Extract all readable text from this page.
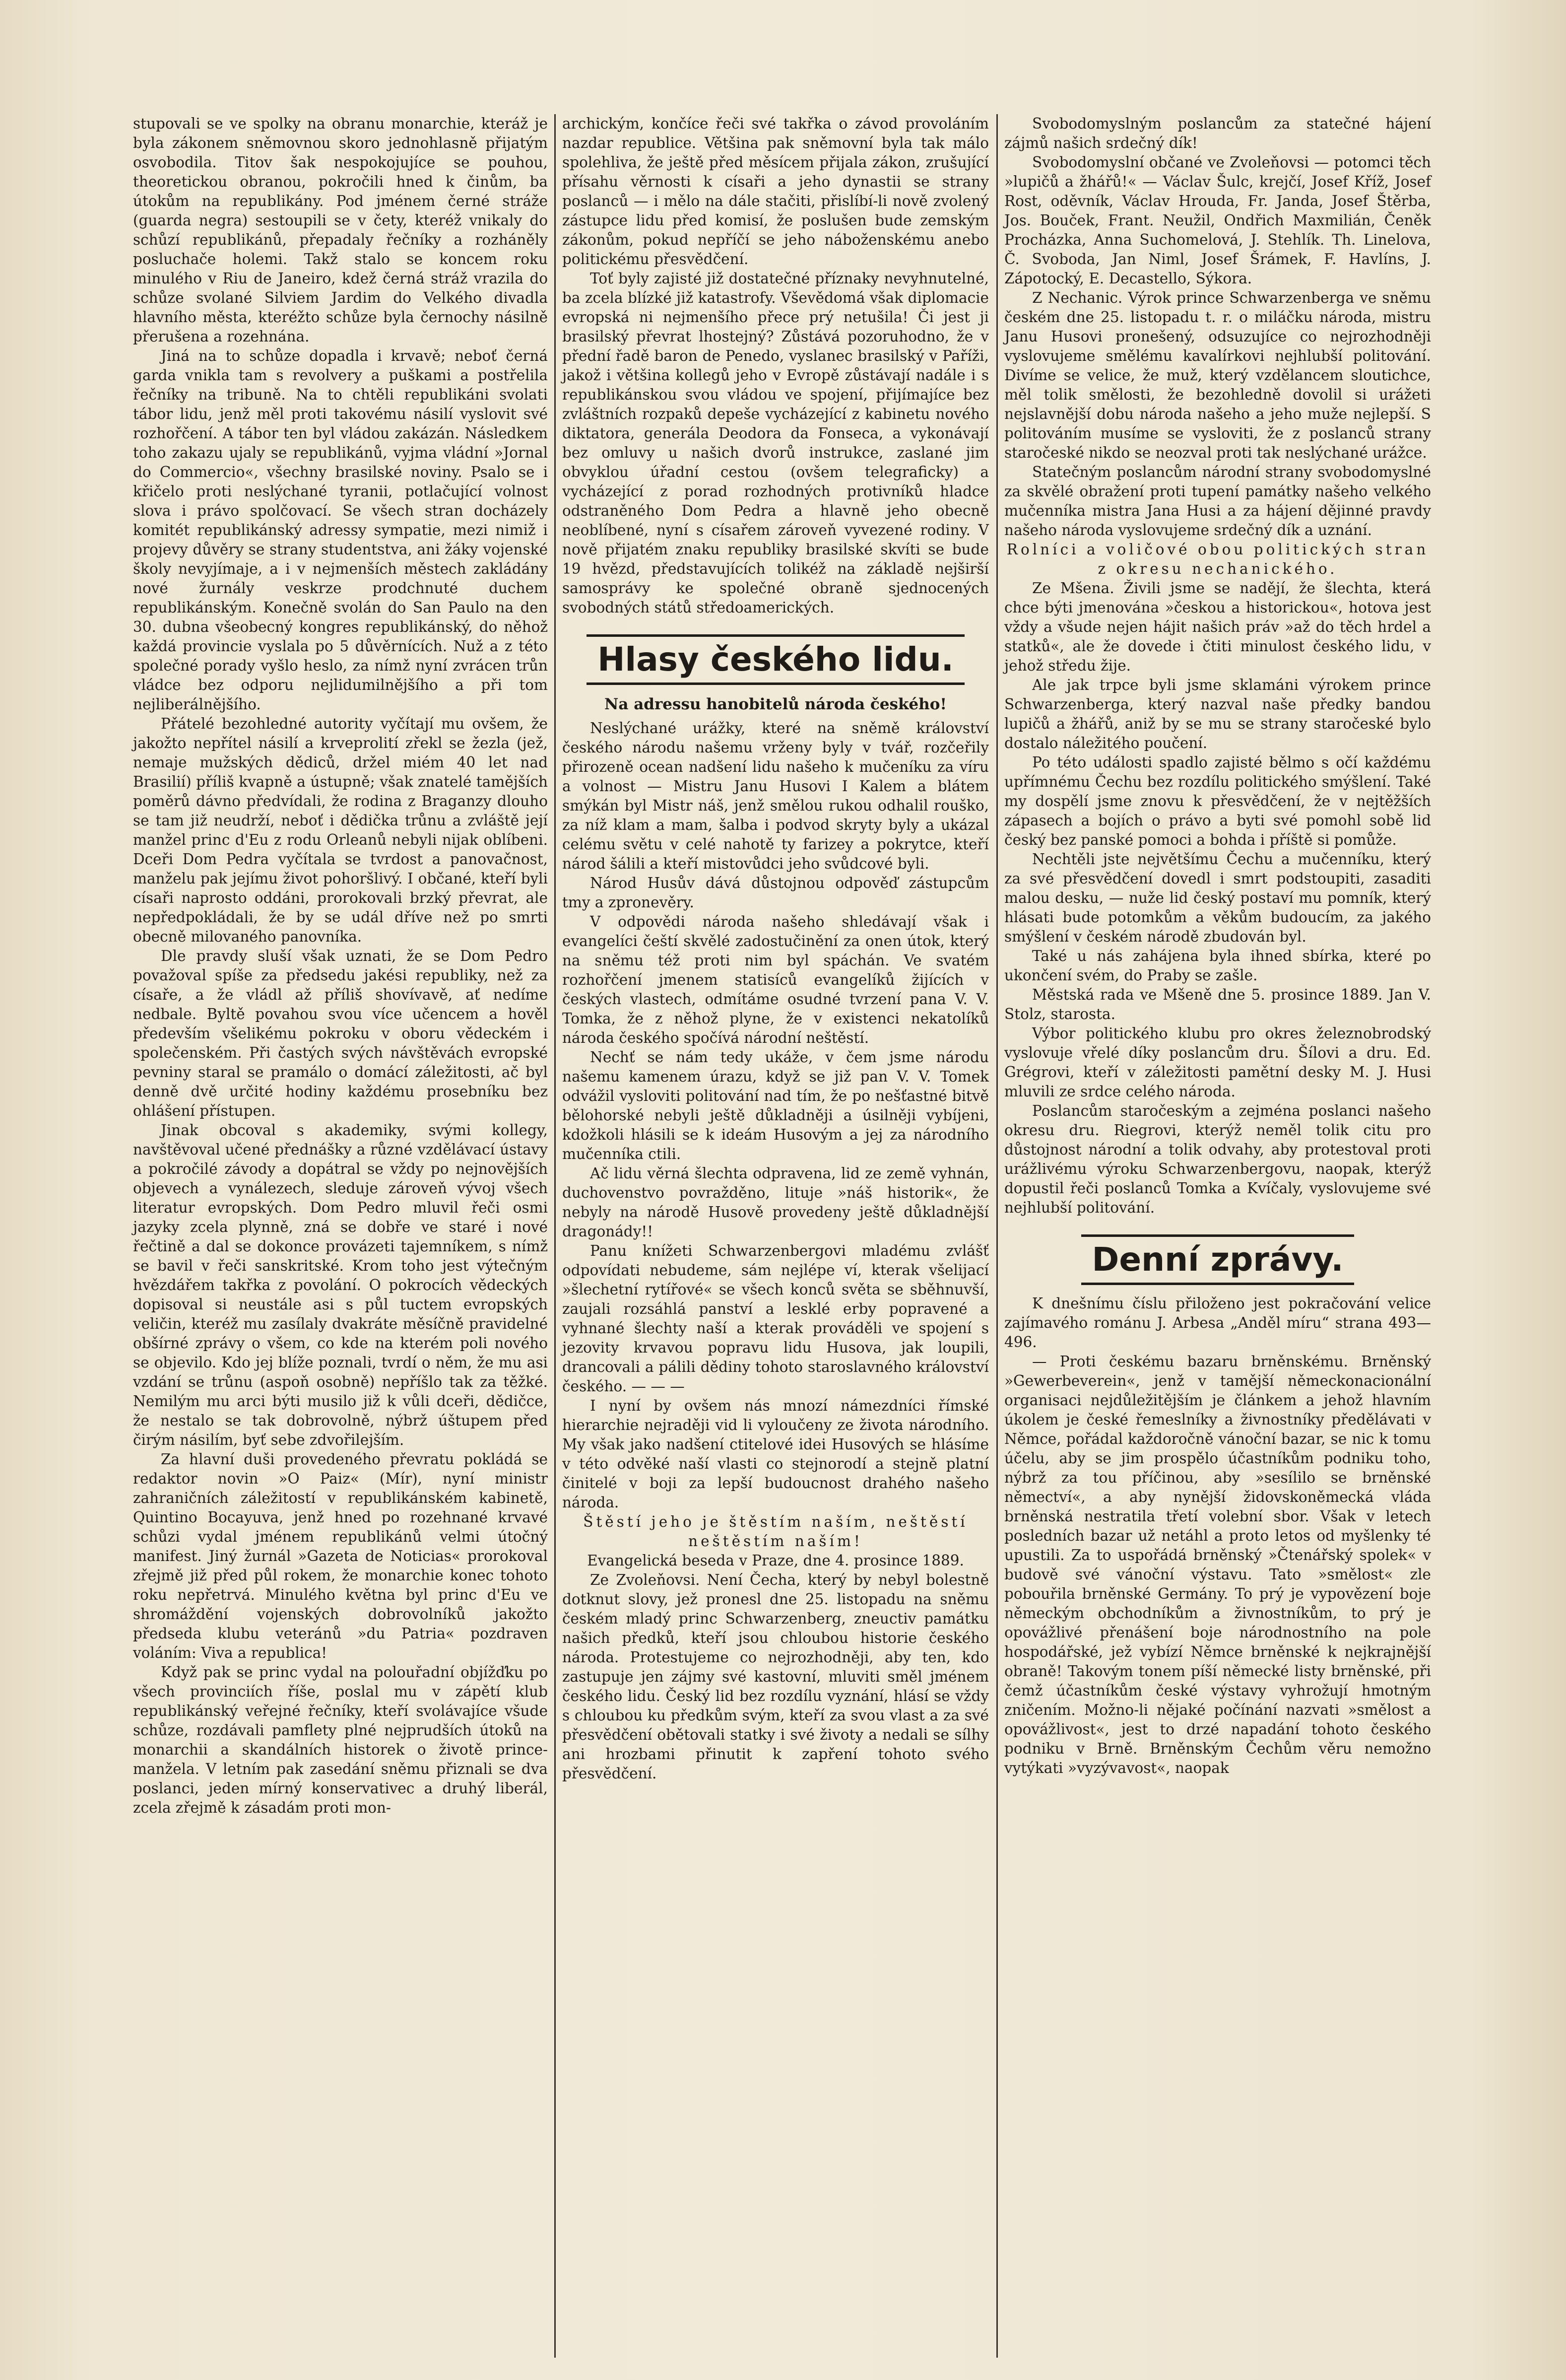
stupovali se ve spolky na obranu monarchie, kteráž je byla zákonem sněmovnou skoro jednohlasně přijatým osvobodila. Titov šak nespokojujíce se pouhou, theoretickou obranou, pokročili hned k činům, ba útokům na republikány. Pod jménem černé stráže (guarda negra) sestoupili se v čety, kteréž vnikaly do schůzí republikánů, přepadaly řečníky a rozháněly posluchače holemi. Takž stalo se koncem roku minulého v Riu de Janeiro, kdež černá stráž vrazila do schůze svolané Silviem Jardim do Velkého divadla hlavního města, kteréžto schůze byla černochy násilně přerušena a rozehnána.

Jiná na to schůze dopadla i krvavě; neboť černá garda vnikla tam s revolvery a puškami a postřelila řečníky na tribuně. Na to chtěli republikáni svolati tábor lidu, jenž měl proti takovému násilí vyslovit své rozhořčení. A tábor ten byl vládou zakázán. Následkem toho zakazu ujaly se republikánů, vyjma vládní »Jornal do Commercio«, všechny brasilské noviny. Psalo se i křičelo proti neslýchané tyranii, potlačující volnost slova i právo spolčovací. Se všech stran docházely komitét republikánský adressy sympatie, mezi nimiž i projevy důvěry se strany studentstva, ani žáky vojenské školy nevyjímaje, a i v nejmenších městech zakládány nové žurnály veskrze prodchnuté duchem republikánským. Konečně svolán do San Paulo na den 30. dubna všeobecný kongres republikánský, do něhož každá provincie vyslala po 5 důvěrnících. Nuž a z této společné porady vyšlo heslo, za nímž nyní zvrácen trůn vládce bez odporu nejlidumilnějšího a při tom nejliberálnějšího.

Přátelé bezohledné autority vyčítají mu ovšem, že jakožto nepřítel násilí a krveprolití zřekl se žezla (jež, nemaje mužských dědiců, držel miém 40 let nad Brasilií) příliš kvapně a ústupně; však znatelé tamějších poměrů dávno předvídali, že rodina z Braganzy dlouho se tam již neudrží, neboť i dědička trůnu a zvláště její manžel princ d'Eu z rodu Orleanů nebyli nijak oblíbeni. Dceři Dom Pedra vyčítala se tvrdost a panovačnost, manželu pak jejímu život pohoršlivý. I občané, kteří byli císaři naprosto oddáni, prorokovali brzký převrat, ale nepředpokládali, že by se udál dříve než po smrti obecně milovaného panovníka.

Dle pravdy sluší však uznati, že se Dom Pedro považoval spíše za předsedu jakési republiky, než za císaře, a že vládl až příliš shovívavě, ať nedíme nedbale. Byltě povahou svou více učencem a hověl především všelikému pokroku v oboru vědeckém i společenském. Při častých svých návštěvách evropské pevniny staral se pramálo o domácí záležitosti, ač byl denně dvě určité hodiny každému prosebníku bez ohlášení přístupen.

Jinak obcoval s akademiky, svými kollegy, navštěvoval učené přednášky a různé vzdělávací ústavy a pokročilé závody a dopátral se vždy po nejnovějších objevech a vynálezech, sleduje zároveň vývoj všech literatur evropských. Dom Pedro mluvil řeči osmi jazyky zcela plynně, zná se dobře ve staré i nové řečtině a dal se dokonce provázeti tajemníkem, s nímž se bavil v řeči sanskritské. Krom toho jest výtečným hvězdářem takřka z povolání. O pokrocích vědeckých dopisoval si neustále asi s půl tuctem evropských veličin, kteréž mu zasílaly dvakráte měsíčně pravidelné obšírné zprávy o všem, co kde na kterém poli nového se objevilo. Kdo jej blíže poznali, tvrdí o něm, že mu asi vzdání se trůnu (aspoň osobně) nepříšlo tak za těžké. Nemilým mu arci býti musilo již k vůli dceři, dědičce, že nestalo se tak dobrovolně, nýbrž úštupem před čirým násilím, byť sebe zdvořilejším.

Za hlavní duši provedeného převratu pokládá se redaktor novin »O Paiz« (Mír), nyní ministr zahraničních záležitostí v republikánském kabinetě, Quintino Bocayuva, jenž hned po rozehnané krvavé schůzi vydal jménem republikánů velmi útočný manifest. Jiný žurnál »Gazeta de Noticias« prorokoval zřejmě již před půl rokem, že monarchie konec tohoto roku nepřetrvá. Minulého května byl princ d'Eu ve shromáždění vojenských dobrovolníků jakožto předseda klubu veteránů »du Patria« pozdraven voláním: Viva a republica!

Když pak se princ vydal na polouřadní objížďku po všech provinciích říše, poslal mu v zápětí klub republikánský veřejné řečníky, kteří svolávajíce všude schůze, rozdávali pamflety plné nejprudších útoků na monarchii a skandálních historek o životě prince-manžela. V letním pak zasedání sněmu přiznali se dva poslanci, jeden mírný konservativec a druhý liberál, zcela zřejmě k zásadám proti mon-

archickým, končíce řeči své takřka o závod provoláním nazdar republice. Většina pak sněmovní byla tak málo spolehliva, že ještě před měsícem přijala zákon, zrušující přísahu věrnosti k císaři a jeho dynastii se strany poslanců — i mělo na dále stačiti, přislíbí-li nově zvolený zástupce lidu před komisí, že poslušen bude zemským zákonům, pokud nepříčí se jeho náboženskému anebo politickému přesvědčení.

Toť byly zajisté již dostatečné příznaky nevyhnutelné, ba zcela blízké již katastrofy. Vševědomá však diplomacie evropská ni nejmenšího přece prý netušila! Či jest ji brasilský převrat lhostejný? Zůstává pozoruhodno, že v přední řadě baron de Penedo, vyslanec brasilský v Paříži, jakož i většina kollegů jeho v Evropě zůstávají nadále i s republikánskou svou vládou ve spojení, přijímajíce bez zvláštních rozpaků depeše vycházející z kabinetu nového diktatora, generála Deodora da Fonseca, a vykonávají bez omluvy u našich dvorů instrukce, zaslané jim obvyklou úřadní cestou (ovšem telegraficky) a vycházející z porad rozhodných protivníků hladce odstraněného Dom Pedra a hlavně jeho obecně neoblíbené, nyní s císařem zároveň vyvezené rodiny. V nově přijatém znaku republiky brasilské skvíti se bude 19 hvězd, představujících tolikéž na základě nejširší samosprávy ke společné obraně sjednocených svobodných států středoamerických.

Hlasy českého lidu.
Na adressu hanobitelů národa českého!

Neslýchané urážky, které na sněmě království českého národu našemu vrženy byly v tvář, rozčeřily přirozeně ocean nadšení lidu našeho k mučeníku za víru a volnost — Mistru Janu Husovi I Kalem a blátem smýkán byl Mistr náš, jenž smělou rukou odhalil rouško, za níž klam a mam, šalba i podvod skryty byly a ukázal celému světu v celé nahotě ty farizey a pokrytce, kteří národ šálili a kteří mistovůdci jeho svůdcové byli.

Národ Husův dává důstojnou odpověď zástupcům tmy a zpronevěry.

V odpovědi národa našeho shledávají však i evangelíci čeští skvělé zadostučinění za onen útok, který na sněmu též proti nim byl spáchán. Ve svatém rozhořčení jmenem statisíců evangelíků žijících v českých vlastech, odmítáme osudné tvrzení pana V. V. Tomka, že z něhož plyne, že v existenci nekatolíků národa českého spočívá národní neštěstí.

Nechť se nám tedy ukáže, v čem jsme národu našemu kamenem úrazu, když se již pan V. V. Tomek odvážil vysloviti politování nad tím, že po nešťastné bitvě bělohorské nebyli ještě důkladněji a úsilněji vybíjeni, kdožkoli hlásili se k ideám Husovým a jej za národního mučenníka ctili.

Ač lidu věrná šlechta odpravena, lid ze země vyhnán, duchovenstvo povražděno, lituje »náš historik«, že nebyly na národě Husově provedeny ještě důkladnější dragonády!!

Panu knížeti Schwarzenbergovi mladému zvlášť odpovídati nebudeme, sám nejlépe ví, kterak všelijací »šlechetní rytířové« se všech konců světa se sběhnuvší, zaujali rozsáhlá panství a lesklé erby popravené a vyhnané šlechty naší a kterak prováděli ve spojení s jezovity krvavou popravu lidu Husova, jak loupili, drancovali a pálili dědiny tohoto staroslavného království českého. — — —

I nyní by ovšem nás mnozí námezdníci římské hierarchie nejraději vid li vyloučeny ze života národního. My však jako nadšení ctitelové idei Husových se hlásíme v této odvěké naší vlasti co stejnorodí a stejně platní činitelé v boji za lepší budoucnost drahého našeho národa.

Štěstí jeho je štěstím naším, neštěstí neštěstím naším!

Evangelická beseda v Praze, dne 4. prosince 1889.

Ze Zvoleňovsi. Není Čecha, který by nebyl bolestně dotknut slovy, jež pronesl dne 25. listopadu na sněmu českém mladý princ Schwarzenberg, zneuctiv památku našich předků, kteří jsou chloubou historie českého národa. Protestujeme co nejrozhodněji, aby ten, kdo zastupuje jen zájmy své kastovní, mluviti směl jménem českého lidu. Český lid bez rozdílu vyznání, hlásí se vždy s chloubou ku předkům svým, kteří za svou vlast a za své přesvědčení obětovali statky i své životy a nedali se sílhy ani hrozbami přinutit k zapření tohoto svého přesvědčení.

Svobodomyslným poslancům za statečné hájení zájmů našich srdečný dík!

Svobodomyslní občané ve Zvoleňovsi — potomci těch »lupičů a žhářů!« — Václav Šulc, krejčí, Josef Kříž, Josef Rost, oděvník, Václav Hrouda, Fr. Janda, Josef Štěrba, Jos. Bouček, Frant. Neužil, Ondřich Maxmilián, Čeněk Procházka, Anna Suchomelová, J. Stehlík. Th. Linelova, Č. Svoboda, Jan Niml, Josef Šrámek, F. Havlíns, J. Zápotocký, E. Decastello, Sýkora.

Z Nechanic. Výrok prince Schwarzenberga ve sněmu českém dne 25. listopadu t. r. o miláčku národa, mistru Janu Husovi pronešený, odsuzujíce co nejrozhodněji vyslovujeme smělému kavalírkovi nejhlubší politování. Divíme se velice, že muž, který vzdělancem sloutichce, měl tolik smělosti, že bezohledně dovolil si urážeti nejslavnější dobu národa našeho a jeho muže nejlepší. S politováním musíme se vysloviti, že z poslanců strany staročeské nikdo se neozval proti tak neslýchané urážce.

Statečným poslancům národní strany svobodomyslné za skvělé obražení proti tupení památky našeho velkého mučenníka mistra Jana Husi a za hájení dějinné pravdy našeho národa vyslovujeme srdečný dík a uznání.

Rolníci a voličové obou politických stran z okresu nechanického.

Ze Mšena. Živili jsme se nadějí, že šlechta, která chce býti jmenována »českou a historickou«, hotova jest vždy a všude nejen hájit našich práv »až do těch hrdel a statků«, ale že dovede i čtiti minulost českého lidu, v jehož středu žije.

Ale jak trpce byli jsme sklamáni výrokem prince Schwarzenberga, který nazval naše předky bandou lupičů a žhářů, aniž by se mu se strany staročeské bylo dostalo náležitého poučení.

Po této události spadlo zajisté bělmo s očí každému upřímnému Čechu bez rozdílu politického smýšlení. Také my dospělí jsme znovu k přesvědčení, že v nejtěžších zápasech a bojích o právo a byti své pomohl sobě lid český bez panské pomoci a bohda i příště si pomůže.

Nechtěli jste největšímu Čechu a mučenníku, který za své přesvědčení dovedl i smrt podstoupiti, zasaditi malou desku, — nuže lid český postaví mu pomník, který hlásati bude potomkům a věkům budoucím, za jakého smýšlení v českém národě zbudován byl.

Také u nás zahájena byla ihned sbírka, které po ukončení svém, do Praby se zašle.

Městská rada ve Mšeně dne 5. prosince 1889. Jan V. Stolz, starosta.

Výbor politického klubu pro okres železnobrodský vyslovuje vřelé díky poslancům dru. Šílovi a dru. Ed. Grégrovi, kteří v záležitosti pamětní desky M. J. Husi mluvili ze srdce celého národa.

Poslancům staročeským a zejména poslanci našeho okresu dru. Riegrovi, kterýž neměl tolik citu pro důstojnost národní a tolik odvahy, aby protestoval proti urážlivému výroku Schwarzenbergovu, naopak, kterýž dopustil řeči poslanců Tomka a Kvíčaly, vyslovujeme své nejhlubší politování.

Denní zprávy.

K dnešnímu číslu přiloženo jest pokračování velice zajímavého románu J. Arbesa „Anděl míru“ strana 493—496.

— Proti českému bazaru brněnskému. Brněnský »Gewerbeverein«, jenž v tamější německonacionální organisaci nejdůležitějším je článkem a jehož hlavním úkolem je české řemeslníky a živnostníky předělávati v Němce, pořádal každoročně vánoční bazar, se nic k tomu účelu, aby se jim prospělo účastníkům podniku toho, nýbrž za tou příčinou, aby »sesílilo se brněnské němectví«, a aby nynější židovskoněmecká vláda brněnská nestratila třetí volební sbor. Však v letech posledních bazar už netáhl a proto letos od myšlenky té upustili. Za to uspořádá brněnský »Čtenářský spolek« v budově své vánoční výstavu. Tato »smělost« zle pobouřila brněnské Germány. To prý je vypovězení boje německým obchodníkům a živnostníkům, to prý je opovážlivé přenášení boje národnostního na pole hospodářské, jež vybízí Němce brněnské k nejkrajnější obraně! Takovým tonem píší německé listy brněnské, při čemž účastníkům české výstavy vyhrožují hmotným zničením. Možno-li nějaké počínání nazvati »smělost a opovážlivost«, jest to drzé napadání tohoto českého podniku v Brně. Brněnským Čechům věru nemožno vytýkati »vyzývavost«, naopak
